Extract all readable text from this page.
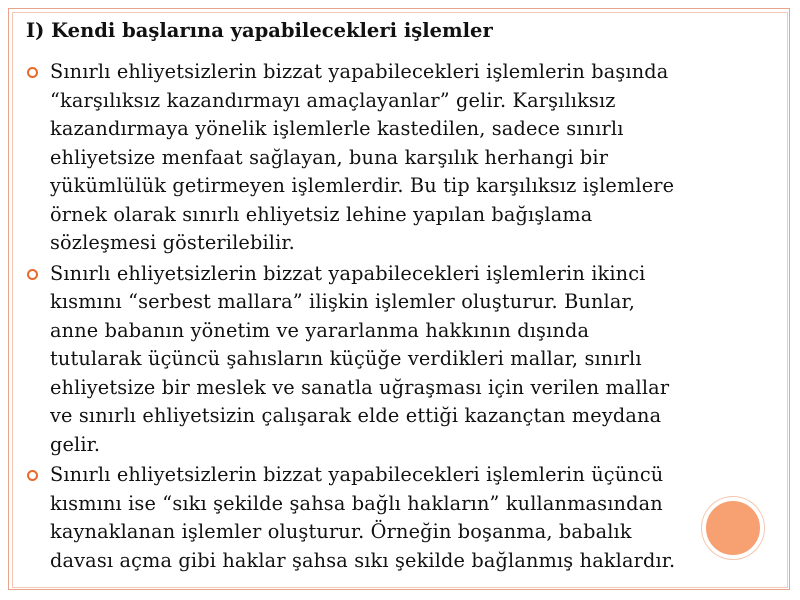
I) Kendi başlarına yapabilecekleri işlemler
Sınırlı ehliyetsizlerin bizzat yapabilecekleri işlemlerin başında
“karşılıksız kazandırmayı amaçlayanlar” gelir. Karşılıksız
kazandırmaya yönelik işlemlerle kastedilen, sadece sınırlı
ehliyetsize menfaat sağlayan, buna karşılık herhangi bir
yükümlülük getirmeyen işlemlerdir. Bu tip karşılıksız işlemlere
örnek olarak sınırlı ehliyetsiz lehine yapılan bağışlama
sözleşmesi gösterilebilir.
Sınırlı ehliyetsizlerin bizzat yapabilecekleri işlemlerin ikinci
kısmını “serbest mallara” ilişkin işlemler oluşturur. Bunlar,
anne babanın yönetim ve yararlanma hakkının dışında
tutularak üçüncü şahısların küçüğe verdikleri mallar, sınırlı
ehliyetsize bir meslek ve sanatla uğraşması için verilen mallar
ve sınırlı ehliyetsizin çalışarak elde ettiği kazançtan meydana
gelir.
Sınırlı ehliyetsizlerin bizzat yapabilecekleri işlemlerin üçüncü
kısmını ise “sıkı şekilde şahsa bağlı hakların” kullanmasından
kaynaklanan işlemler oluşturur. Örneğin boşanma, babalık
davası açma gibi haklar şahsa sıkı şekilde bağlanmış haklardır.
